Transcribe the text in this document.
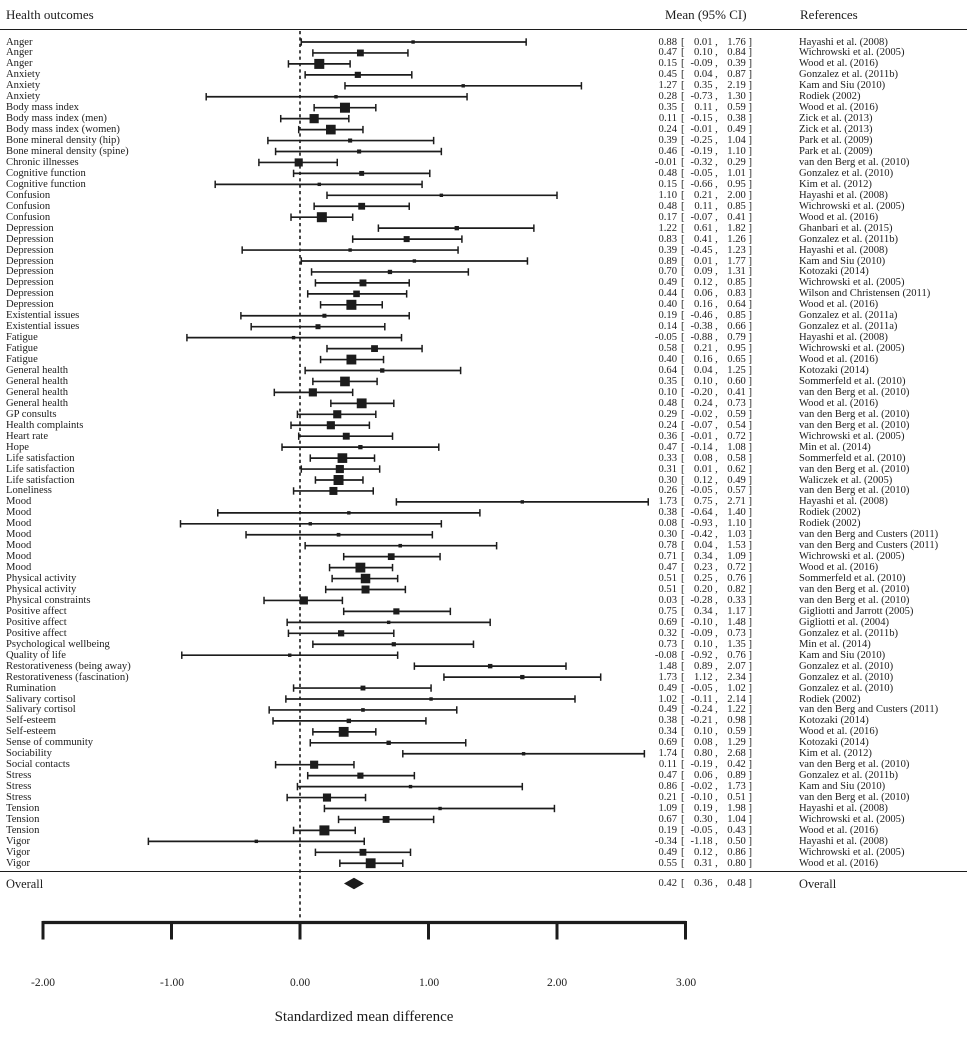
Health outcomes	Mean (95% CI)	References
Anger	0.88 [ 0.01 , 1.76 ]	Hayashi et al. (2008)
Anger	0.47 [ 0.10 , 0.84 ]	Wichrowski et al. (2005)
Anger	0.15 [ -0.09 , 0.39 ]	Wood et al. (2016)
Anxiety	0.45 [ 0.04 , 0.87 ]	Gonzalez et al. (2011b)
Anxiety	1.27 [ 0.35 , 2.19 ]	Kam and Siu (2010)
Anxiety	0.28 [ -0.73 , 1.30 ]	Rodiek (2002)
Body mass index	0.35 [ 0.11 , 0.59 ]	Wood et al. (2016)
Body mass index (men)	0.11 [ -0.15 , 0.38 ]	Zick et al. (2013)
Body mass index (women)	0.24 [ -0.01 , 0.49 ]	Zick et al. (2013)
Bone mineral density (hip)	0.39 [ -0.25 , 1.04 ]	Park et al. (2009)
Bone mineral density (spine)	0.46 [ -0.19 , 1.10 ]	Park et al. (2009)
Chronic illnesses	-0.01 [ -0.32 , 0.29 ]	van den Berg et al. (2010)
Cognitive function	0.48 [ -0.05 , 1.01 ]	Gonzalez et al. (2010)
Cognitive function	0.15 [ -0.66 , 0.95 ]	Kim et al. (2012)
Confusion	1.10 [ 0.21 , 2.00 ]	Hayashi et al. (2008)
Confusion	0.48 [ 0.11 , 0.85 ]	Wichrowski et al. (2005)
Confusion	0.17 [ -0.07 , 0.41 ]	Wood et al. (2016)
Depression	1.22 [ 0.61 , 1.82 ]	Ghanbari et al. (2015)
Depression	0.83 [ 0.41 , 1.26 ]	Gonzalez et al. (2011b)
Depression	0.39 [ -0.45 , 1.23 ]	Hayashi et al. (2008)
Depression	0.89 [ 0.01 , 1.77 ]	Kam and Siu (2010)
Depression	0.70 [ 0.09 , 1.31 ]	Kotozaki (2014)
Depression	0.49 [ 0.12 , 0.85 ]	Wichrowski et al. (2005)
Depression	0.44 [ 0.06 , 0.83 ]	Wilson and Christensen (2011)
Depression	0.40 [ 0.16 , 0.64 ]	Wood et al. (2016)
Existential issues	0.19 [ -0.46 , 0.85 ]	Gonzalez et al. (2011a)
Existential issues	0.14 [ -0.38 , 0.66 ]	Gonzalez et al. (2011a)
Fatigue	-0.05 [ -0.88 , 0.79 ]	Hayashi et al. (2008)
Fatigue	0.58 [ 0.21 , 0.95 ]	Wichrowski et al. (2005)
Fatigue	0.40 [ 0.16 , 0.65 ]	Wood et al. (2016)
General health	0.64 [ 0.04 , 1.25 ]	Kotozaki (2014)
General health	0.35 [ 0.10 , 0.60 ]	Sommerfeld et al. (2010)
General health	0.10 [ -0.20 , 0.41 ]	van den Berg et al. (2010)
General health	0.48 [ 0.24 , 0.73 ]	Wood et al. (2016)
GP consults	0.29 [ -0.02 , 0.59 ]	van den Berg et al. (2010)
Health complaints	0.24 [ -0.07 , 0.54 ]	van den Berg et al. (2010)
Heart rate	0.36 [ -0.01 , 0.72 ]	Wichrowski et al. (2005)
Hope	0.47 [ -0.14 , 1.08 ]	Min et al. (2014)
Life satisfaction	0.33 [ 0.08 , 0.58 ]	Sommerfeld et al. (2010)
Life satisfaction	0.31 [ 0.01 , 0.62 ]	van den Berg et al. (2010)
Life satisfaction	0.30 [ 0.12 , 0.49 ]	Waliczek et al. (2005)
Loneliness	0.26 [ -0.05 , 0.57 ]	van den Berg et al. (2010)
Mood	1.73 [ 0.75 , 2.71 ]	Hayashi et al. (2008)
Mood	0.38 [ -0.64 , 1.40 ]	Rodiek (2002)
Mood	0.08 [ -0.93 , 1.10 ]	Rodiek (2002)
Mood	0.30 [ -0.42 , 1.03 ]	van den Berg and Custers (2011)
Mood	0.78 [ 0.04 , 1.53 ]	van den Berg and Custers (2011)
Mood	0.71 [ 0.34 , 1.09 ]	Wichrowski et al. (2005)
Mood	0.47 [ 0.23 , 0.72 ]	Wood et al. (2016)
Physical activity	0.51 [ 0.25 , 0.76 ]	Sommerfeld et al. (2010)
Physical activity	0.51 [ 0.20 , 0.82 ]	van den Berg et al. (2010)
Physical constraints	0.03 [ -0.28 , 0.33 ]	van den Berg et al. (2010)
Positive affect	0.75 [ 0.34 , 1.17 ]	Gigliotti and Jarrott (2005)
Positive affect	0.69 [ -0.10 , 1.48 ]	Gigliotti et al. (2004)
Positive affect	0.32 [ -0.09 , 0.73 ]	Gonzalez et al. (2011b)
Psychological wellbeing	0.73 [ 0.10 , 1.35 ]	Min et al. (2014)
Quality of life	-0.08 [ -0.92 , 0.76 ]	Kam and Siu (2010)
Restorativeness (being away)	1.48 [ 0.89 , 2.07 ]	Gonzalez et al. (2010)
Restorativeness (fascination)	1.73 [ 1.12 , 2.34 ]	Gonzalez et al. (2010)
Rumination	0.49 [ -0.05 , 1.02 ]	Gonzalez et al. (2010)
Salivary cortisol	1.02 [ -0.11 , 2.14 ]	Rodiek (2002)
Salivary cortisol	0.49 [ -0.24 , 1.22 ]	van den Berg and Custers (2011)
Self-esteem	0.38 [ -0.21 , 0.98 ]	Kotozaki (2014)
Self-esteem	0.34 [ 0.10 , 0.59 ]	Wood et al. (2016)
Sense of community	0.69 [ 0.08 , 1.29 ]	Kotozaki (2014)
Sociability	1.74 [ 0.80 , 2.68 ]	Kim et al. (2012)
Social contacts	0.11 [ -0.19 , 0.42 ]	van den Berg et al. (2010)
Stress	0.47 [ 0.06 , 0.89 ]	Gonzalez et al. (2011b)
Stress	0.86 [ -0.02 , 1.73 ]	Kam and Siu (2010)
Stress	0.21 [ -0.10 , 0.51 ]	van den Berg et al. (2010)
Tension	1.09 [ 0.19 , 1.98 ]	Hayashi et al. (2008)
Tension	0.67 [ 0.30 , 1.04 ]	Wichrowski et al. (2005)
Tension	0.19 [ -0.05 , 0.43 ]	Wood et al. (2016)
Vigor	-0.34 [ -1.18 , 0.50 ]	Hayashi et al. (2008)
Vigor	0.49 [ 0.12 , 0.86 ]	Wichrowski et al. (2005)
Vigor	0.55 [ 0.31 , 0.80 ]	Wood et al. (2016)
Overall	0.42 [ 0.36 , 0.48 ]	Overall
-2.00	-1.00	0.00	1.00	2.00	3.00
Standardized mean difference
